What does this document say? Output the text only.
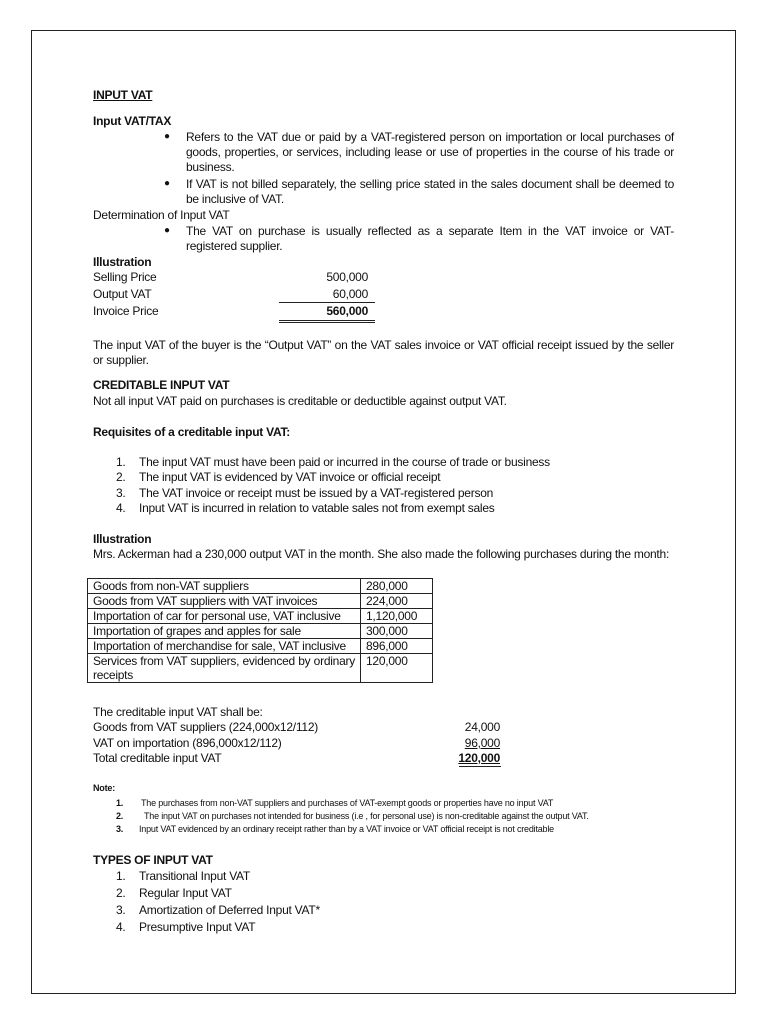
INPUT VAT
Input VAT/TAX
● Refers to the VAT due or paid by a VAT-registered person on importation or local purchases of goods, properties, or services, including lease or use of properties in the course of his trade or business.
● If VAT is not billed separately, the selling price stated in the sales document shall be deemed to be inclusive of VAT.
Determination of Input VAT
● The VAT on purchase is usually reflected as a separate Item in the VAT invoice or VAT-registered supplier.
Illustration
Selling Price	500,000
Output VAT	60,000
Invoice Price	560,000
The input VAT of the buyer is the “Output VAT” on the VAT sales invoice or VAT official receipt issued by the seller or supplier.
CREDITABLE INPUT VAT
Not all input VAT paid on purchases is creditable or deductible against output VAT.
Requisites of a creditable input VAT:
1. The input VAT must have been paid or incurred in the course of trade or business
2. The input VAT is evidenced by VAT invoice or official receipt
3. The VAT invoice or receipt must be issued by a VAT-registered person
4. Input VAT is incurred in relation to vatable sales not from exempt sales
Illustration
Mrs. Ackerman had a 230,000 output VAT in the month. She also made the following purchases during the month:
Goods from non-VAT suppliers	280,000
Goods from VAT suppliers with VAT invoices	224,000
Importation of car for personal use, VAT inclusive	1,120,000
Importation of grapes and apples for sale	300,000
Importation of merchandise for sale, VAT inclusive	896,000
Services from VAT suppliers, evidenced by ordinary receipts	120,000
The creditable input VAT shall be:
Goods from VAT suppliers (224,000x12/112)	24,000
VAT on importation (896,000x12/112)	96,000
Total creditable input VAT	120,000
Note:
1. The purchases from non-VAT suppliers and purchases of VAT-exempt goods or properties have no input VAT
2. The input VAT on purchases not intended for business (i.e , for personal use) is non-creditable against the output VAT.
3. Input VAT evidenced by an ordinary receipt rather than by a VAT invoice or VAT official receipt is not creditable
TYPES OF INPUT VAT
1. Transitional Input VAT
2. Regular Input VAT
3. Amortization of Deferred Input VAT*
4. Presumptive Input VAT
